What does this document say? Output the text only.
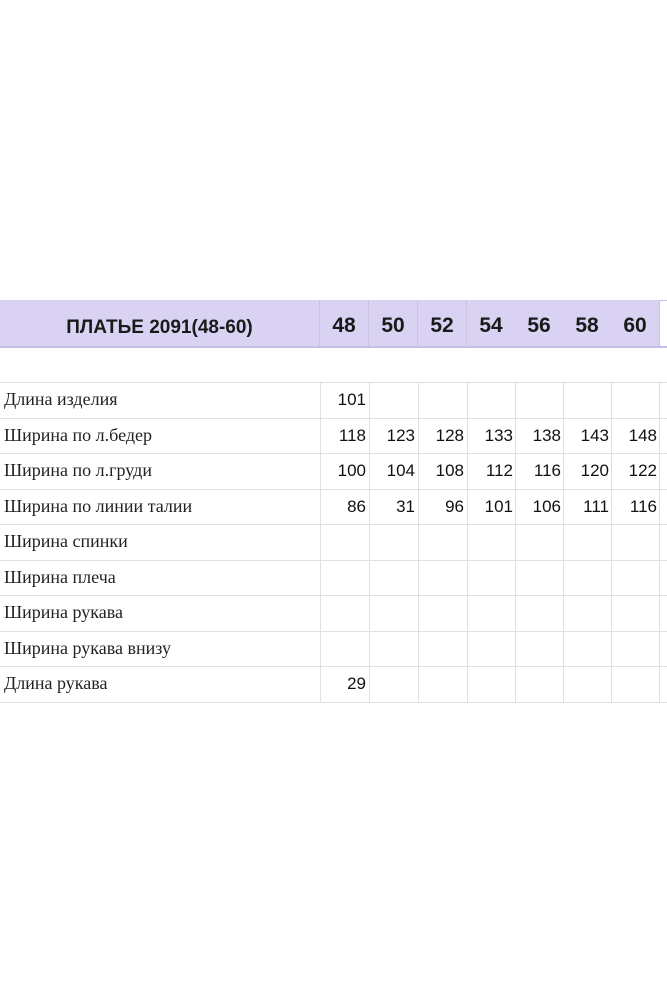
ПЛАТЬЕ 2091(48-60)	48	50	52	54	56	58	60
Длина изделия	101
Ширина по л.бедер	118	123	128	133	138	143	148
Ширина по л.груди	100	104	108	112	116	120	122
Ширина по линии талии	86	31	96	101	106	111	116
Ширина спинки
Ширина плеча
Ширина рукава
Ширина рукава внизу
Длина рукава	29
